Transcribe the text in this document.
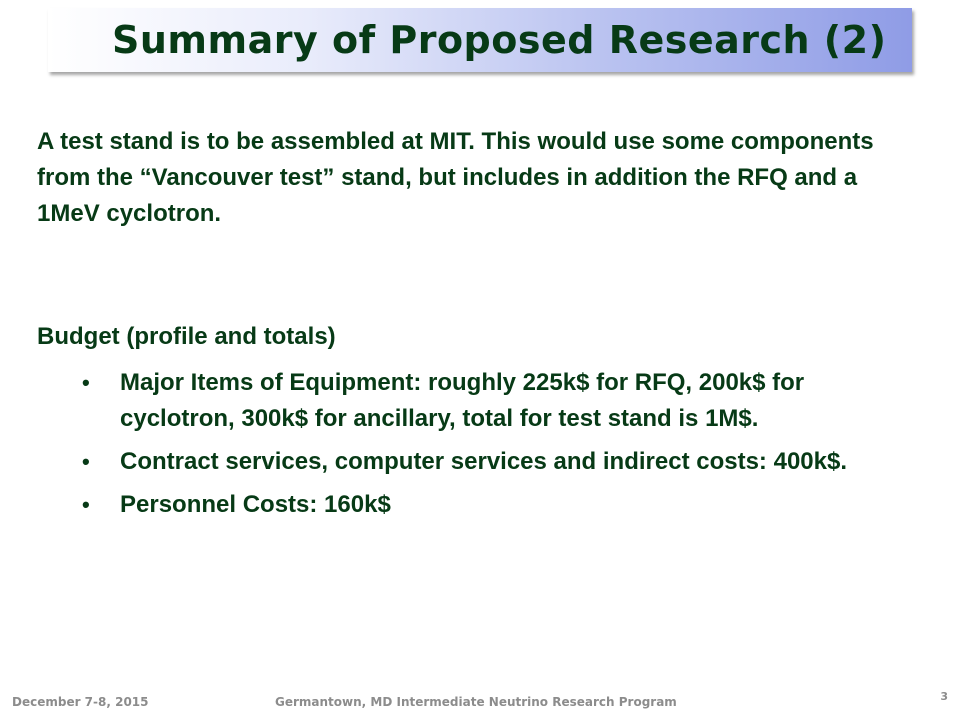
Summary of Proposed Research (2)

A test stand is to be assembled at MIT. This would use some components from the “Vancouver test” stand, but includes in addition the RFQ and a 1MeV cyclotron.

Budget (profile and totals)

• Major Items of Equipment: roughly 225k$ for RFQ, 200k$ for cyclotron, 300k$ for ancillary, total for test stand is 1M$.
• Contract services, computer services and indirect costs: 400k$.
• Personnel Costs: 160k$
December 7-8, 2015	Germantown, MD Intermediate Neutrino Research Program	3
